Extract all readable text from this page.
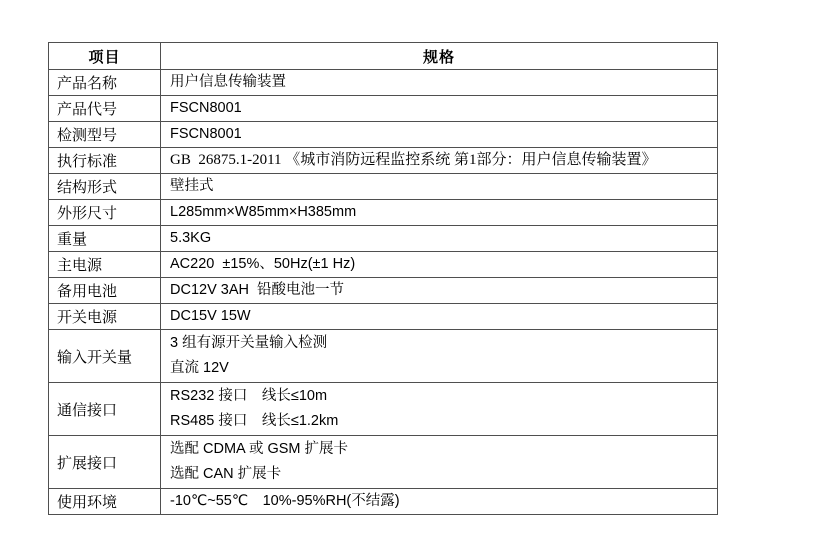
项目	规格
产品名称	用户信息传输装置

产品代号	FSCN8001

检测型号	FSCN8001

执行标准	GB  26875.1-2011 《城市消防远程监控系统 第1部分：用户信息传输装置》

结构形式	壁挂式

外形尺寸	L285mm×W85mm×H385mm

重量	5.3KG

主电源	AC220  ±15%、50Hz(±1 Hz)

备用电池	DC12V 3AH  铅酸电池一节

开关电源	DC15V 15W

输入开关量	3 组有源开关量输入检测
直流 12V

通信接口	RS232 接口　线长≤10m
RS485 接口　线长≤1.2km

扩展接口	选配 CDMA 或 GSM 扩展卡
选配 CAN 扩展卡

使用环境	-10℃~55℃　10%-95%RH(不结露)
